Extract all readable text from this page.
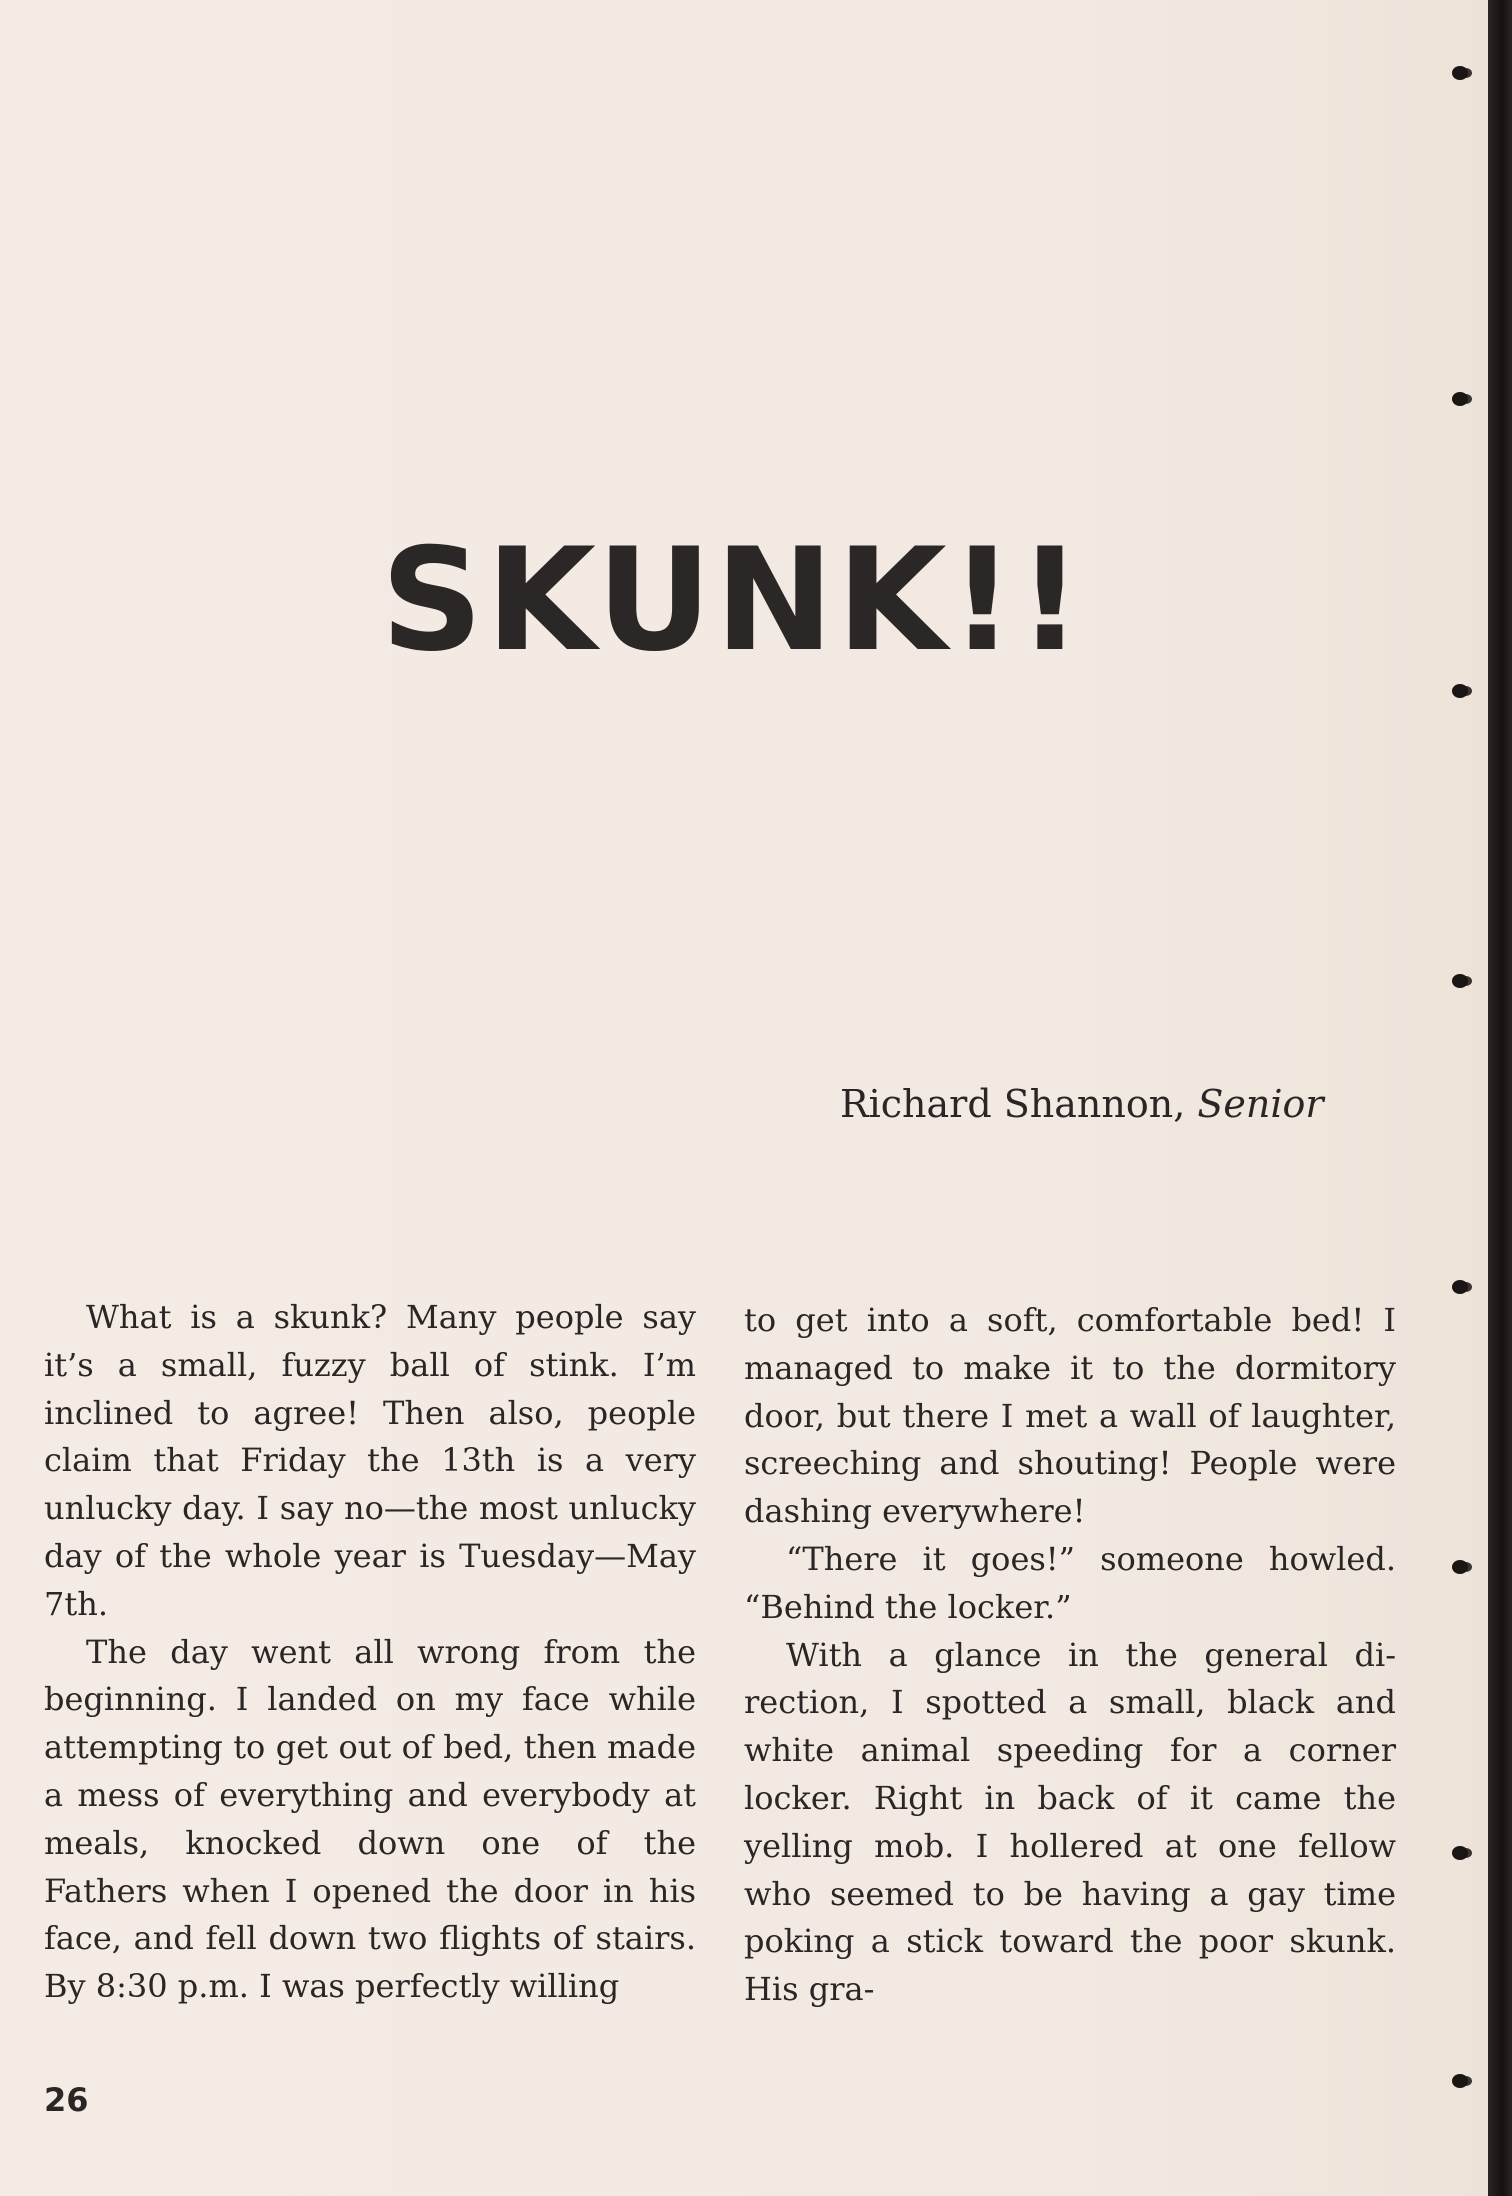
SKUNK!!

Richard Shannon, Senior

What is a skunk? Many people say it’s a small, fuzzy ball of stink. I’m inclined to agree! Then also, people claim that Friday the 13th is a very unlucky day. I say no—the most unlucky day of the whole year is Tuesday—May 7th.

The day went all wrong from the beginning. I landed on my face while attempting to get out of bed, then made a mess of everything and everybody at meals, knocked down one of the Fathers when I opened the door in his face, and fell down two flights of stairs. By 8:30 p.m. I was perfectly willing

to get into a soft, comfortable bed! I managed to make it to the dormitory door, but there I met a wall of laughter, screeching and shouting! People were dashing everywhere!

“There it goes!” someone howled. “Behind the locker.”

With a glance in the general direction, I spotted a small, black and white animal speeding for a corner locker. Right in back of it came the yelling mob. I hollered at one fellow who seemed to be having a gay time poking a stick toward the poor skunk. His gra-

26
